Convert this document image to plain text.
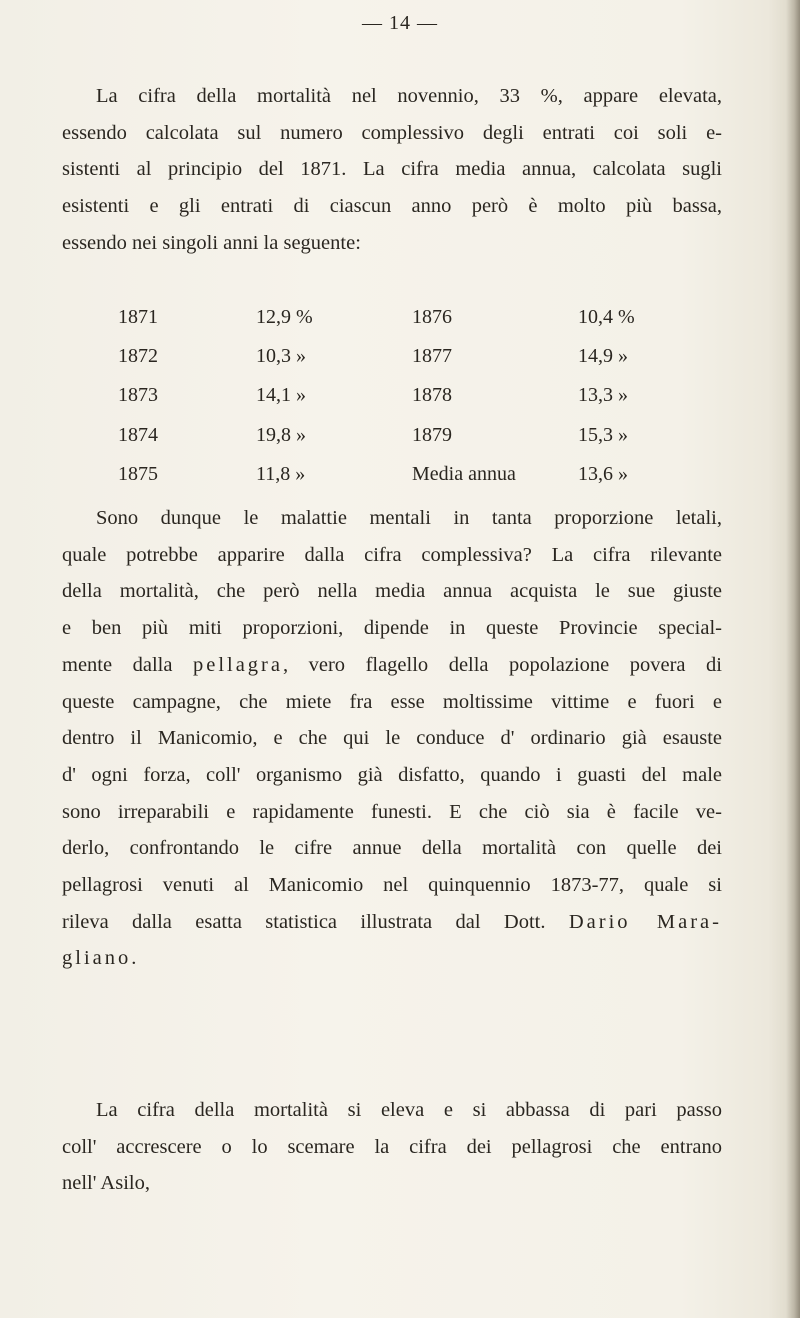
— 14 —
La cifra della mortalità nel novennio, 33 %, appare elevata,
essendo calcolata sul numero complessivo degli entrati coi soli e-
sistenti al principio del 1871. La cifra media annua, calcolata sugli
esistenti e gli entrati di ciascun anno però è molto più bassa,
essendo nei singoli anni la seguente:
1871	12,9 %	1876	10,4 %
1872	10,3 »	1877	14,9 »
1873	14,1 »	1878	13,3 »
1874	19,8 »	1879	15,3 »
1875	11,8 »	Media annua	13,6 »
Sono dunque le malattie mentali in tanta proporzione letali,
quale potrebbe apparire dalla cifra complessiva? La cifra rilevante
della mortalità, che però nella media annua acquista le sue giuste
e ben più miti proporzioni, dipende in queste Provincie special-
mente dalla pellagra, vero flagello della popolazione povera di
queste campagne, che miete fra esse moltissime vittime e fuori e
dentro il Manicomio, e che qui le conduce d' ordinario già esauste
d' ogni forza, coll' organismo già disfatto, quando i guasti del male
sono irreparabili e rapidamente funesti. E che ciò sia è facile ve-
derlo, confrontando le cifre annue della mortalità con quelle dei
pellagrosi venuti al Manicomio nel quinquennio 1873-77, quale si
rileva dalla esatta statistica illustrata dal Dott. Dario Mara-
gliano.
La cifra della mortalità si eleva e si abbassa di pari passo
coll' accrescere o lo scemare la cifra dei pellagrosi che entrano
nell' Asilo,
